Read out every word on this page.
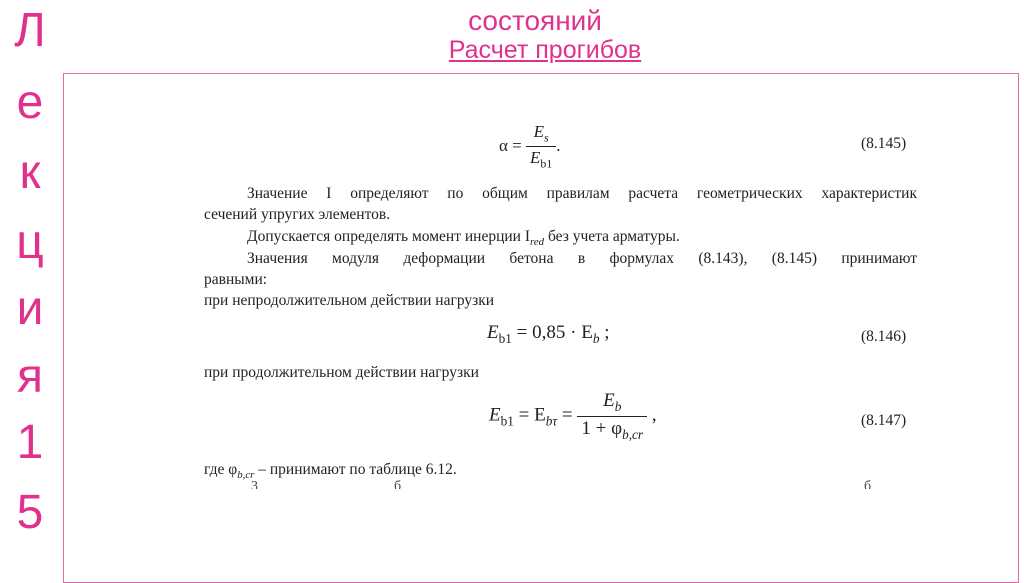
Л
е
к
ц
и
я
1
5
состояний
Расчет прогибов
$\alpha = \frac{E_s}{E_{b1}}$ .	(8.145)
Значение I определяют по общим правилам расчета геометрических характеристик
сечений упругих элементов.
Допускается определять момент инерции $I_{red}$ без учета арматуры.
Значения модуля деформации бетона в формулах (8.143), (8.145) принимают
равными:
при непродолжительном действии нагрузки
$E_{b1} = 0,85 \cdot E_b$ ;	(8.146)
при продолжительном действии нагрузки
$E_{b1} = E_{b\tau} = \frac{E_b}{1 + \varphi_{b,cr}}$ ,	(8.147)
где $\varphi_{b,cr}$ – принимают по таблице 6.12.
3	б	б
